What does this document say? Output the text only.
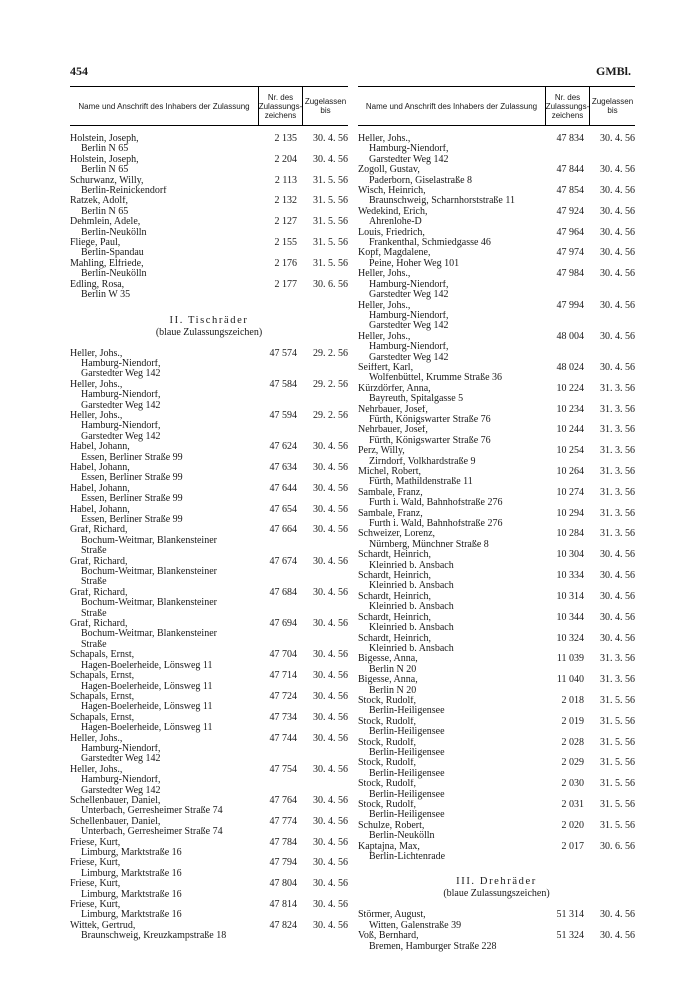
454	GMBl.
Name und Anschrift des Inhabers der Zulassung
Nr. des Zulassungs-zeichens
Zugelassen bis
Holstein, Joseph,	2 135	30. 4. 56
Berlin N 65
Holstein, Joseph,	2 204	30. 4. 56
Berlin N 65
Schurwanz, Willy,	2 113	31. 5. 56
Berlin-Reinickendorf
Ratzek, Adolf,	2 132	31. 5. 56
Berlin N 65
Dehmlein, Adele,	2 127	31. 5. 56
Berlin-Neukölln
Fliege, Paul,	2 155	31. 5. 56
Berlin-Spandau
Mahling, Elfriede,	2 176	31. 5. 56
Berlin-Neukölln
Edling, Rosa,	2 177	30. 6. 56
Berlin W 35
II. Tischräder
(blaue Zulassungszeichen)
Heller, Johs.,	47 574	29. 2. 56
Hamburg-Niendorf,
Garstedter Weg 142
Heller, Johs.,	47 584	29. 2. 56
Hamburg-Niendorf,
Garstedter Weg 142
Heller, Johs.,	47 594	29. 2. 56
Hamburg-Niendorf,
Garstedter Weg 142
Habel, Johann,	47 624	30. 4. 56
Essen, Berliner Straße 99
Habel, Johann,	47 634	30. 4. 56
Essen, Berliner Straße 99
Habel, Johann,	47 644	30. 4. 56
Essen, Berliner Straße 99
Habel, Johann,	47 654	30. 4. 56
Essen, Berliner Straße 99
Graf, Richard,	47 664	30. 4. 56
Bochum-Weitmar, Blankensteiner
Straße
Graf, Richard,	47 674	30. 4. 56
Bochum-Weitmar, Blankensteiner
Straße
Graf, Richard,	47 684	30. 4. 56
Bochum-Weitmar, Blankensteiner
Straße
Graf, Richard,	47 694	30. 4. 56
Bochum-Weitmar, Blankensteiner
Straße
Schapals, Ernst,	47 704	30. 4. 56
Hagen-Boelerheide, Lönsweg 11
Schapals, Ernst,	47 714	30. 4. 56
Hagen-Boelerheide, Lönsweg 11
Schapals, Ernst,	47 724	30. 4. 56
Hagen-Boelerheide, Lönsweg 11
Schapals, Ernst,	47 734	30. 4. 56
Hagen-Boelerheide, Lönsweg 11
Heller, Johs.,	47 744	30. 4. 56
Hamburg-Niendorf,
Garstedter Weg 142
Heller, Johs.,	47 754	30. 4. 56
Hamburg-Niendorf,
Garstedter Weg 142
Schellenbauer, Daniel,	47 764	30. 4. 56
Unterbach, Gerresheimer Straße 74
Schellenbauer, Daniel,	47 774	30. 4. 56
Unterbach, Gerresheimer Straße 74
Friese, Kurt,	47 784	30. 4. 56
Limburg, Marktstraße 16
Friese, Kurt,	47 794	30. 4. 56
Limburg, Marktstraße 16
Friese, Kurt,	47 804	30. 4. 56
Limburg, Marktstraße 16
Friese, Kurt,	47 814	30. 4. 56
Limburg, Marktstraße 16
Wittek, Gertrud,	47 824	30. 4. 56
Braunschweig, Kreuzkampstraße 18
Name und Anschrift des Inhabers der Zulassung
Nr. des Zulassungs-zeichens
Zugelassen bis
Heller, Johs.,	47 834	30. 4. 56
Hamburg-Niendorf,
Garstedter Weg 142
Zogoll, Gustav,	47 844	30. 4. 56
Paderborn, Giselastraße 8
Wisch, Heinrich,	47 854	30. 4. 56
Braunschweig, Scharnhorststraße 11
Wedekind, Erich,	47 924	30. 4. 56
Ahrenlohe-D
Louis, Friedrich,	47 964	30. 4. 56
Frankenthal, Schmiedgasse 46
Kopf, Magdalene,	47 974	30. 4. 56
Peine, Hoher Weg 101
Heller, Johs.,	47 984	30. 4. 56
Hamburg-Niendorf,
Garstedter Weg 142
Heller, Johs.,	47 994	30. 4. 56
Hamburg-Niendorf,
Garstedter Weg 142
Heller, Johs.,	48 004	30. 4. 56
Hamburg-Niendorf,
Garstedter Weg 142
Seiffert, Karl,	48 024	30. 4. 56
Wolfenbüttel, Krumme Straße 36
Kürzdörfer, Anna,	10 224	31. 3. 56
Bayreuth, Spitalgasse 5
Nehrbauer, Josef,	10 234	31. 3. 56
Fürth, Königswarter Straße 76
Nehrbauer, Josef,	10 244	31. 3. 56
Fürth, Königswarter Straße 76
Perz, Willy,	10 254	31. 3. 56
Zirndorf, Volkhardstraße 9
Michel, Robert,	10 264	31. 3. 56
Fürth, Mathildenstraße 11
Sambale, Franz,	10 274	31. 3. 56
Furth i. Wald, Bahnhofstraße 276
Sambale, Franz,	10 294	31. 3. 56
Furth i. Wald, Bahnhofstraße 276
Schweizer, Lorenz,	10 284	31. 3. 56
Nürnberg, Münchner Straße 8
Schardt, Heinrich,	10 304	30. 4. 56
Kleinried b. Ansbach
Schardt, Heinrich,	10 334	30. 4. 56
Kleinried b. Ansbach
Schardt, Heinrich,	10 314	30. 4. 56
Kleinried b. Ansbach
Schardt, Heinrich,	10 344	30. 4. 56
Kleinried b. Ansbach
Schardt, Heinrich,	10 324	30. 4. 56
Kleinried b. Ansbach
Bigesse, Anna,	11 039	31. 3. 56
Berlin N 20
Bigesse, Anna,	11 040	31. 3. 56
Berlin N 20
Stock, Rudolf,	2 018	31. 5. 56
Berlin-Heiligensee
Stock, Rudolf,	2 019	31. 5. 56
Berlin-Heiligensee
Stock, Rudolf,	2 028	31. 5. 56
Berlin-Heiligensee
Stock, Rudolf,	2 029	31. 5. 56
Berlin-Heiligensee
Stock, Rudolf,	2 030	31. 5. 56
Berlin-Heiligensee
Stock, Rudolf,	2 031	31. 5. 56
Berlin-Heiligensee
Schulze, Robert,	2 020	31. 5. 56
Berlin-Neukölln
Kaptajna, Max,	2 017	30. 6. 56
Berlin-Lichtenrade
III. Drehräder
(blaue Zulassungszeichen)
Störmer, August,	51 314	30. 4. 56
Witten, Galenstraße 39
Voß, Bernhard,	51 324	30. 4. 56
Bremen, Hamburger Straße 228
